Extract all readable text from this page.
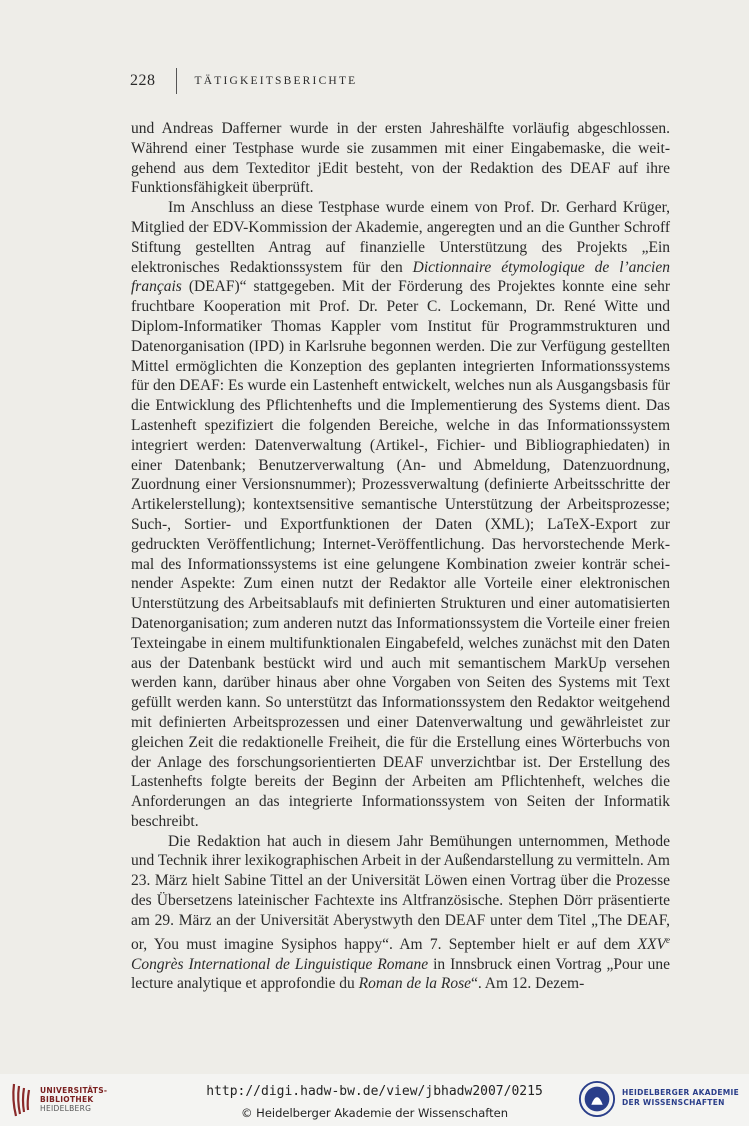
228	TÄTIGKEITSBERICHTE

und Andreas Dafferner wurde in der ersten Jahreshälfte vorläufig abgeschlossen. Während einer Testphase wurde sie zusammen mit einer Eingabemaske, die weitgehend aus dem Texteditor jEdit besteht, von der Redaktion des DEAF auf ihre Funktionsfähigkeit überprüft.

Im Anschluss an diese Testphase wurde einem von Prof. Dr. Gerhard Krüger, Mitglied der EDV-Kommission der Akademie, angeregten und an die Gunther Schroff Stiftung gestellten Antrag auf finanzielle Unterstützung des Projekts „Ein elektronisches Redaktionssystem für den Dictionnaire étymologique de l’ancien français (DEAF)“ stattgegeben. Mit der Förderung des Projektes konnte eine sehr fruchtbare Kooperation mit Prof. Dr. Peter C. Lockemann, Dr. René Witte und Diplom-Informatiker Thomas Kappler vom Institut für Programmstrukturen und Datenorganisation (IPD) in Karlsruhe begonnen werden. Die zur Verfügung gestellten Mittel ermöglichten die Konzeption des geplanten integrierten Informationssystems für den DEAF: Es wurde ein Lastenheft entwickelt, welches nun als Ausgangsbasis für die Entwicklung des Pflichtenhefts und die Implementierung des Systems dient. Das Lastenheft spezifiziert die folgenden Bereiche, welche in das Informationssystem integriert werden: Datenverwaltung (Artikel-, Fichier- und Bibliographiedaten) in einer Datenbank; Benutzerverwaltung (An- und Abmeldung, Datenzuordnung, Zuordnung einer Versionsnummer); Prozessverwaltung (definierte Arbeitsschritte der Artikelerstellung); kontextsensitive semantische Unterstützung der Arbeitsprozesse; Such-, Sortier- und Exportfunktionen der Daten (XML); LaTeX-Export zur gedruckten Veröffentlichung; Internet-Veröffentlichung. Das hervorstechende Merkmal des Informationssystems ist eine gelungene Kombination zweier konträr scheinender Aspekte: Zum einen nutzt der Redaktor alle Vorteile einer elektronischen Unterstützung des Arbeitsablaufs mit definierten Strukturen und einer automatisierten Datenorganisation; zum anderen nutzt das Informationssystem die Vorteile einer freien Texteingabe in einem multifunktionalen Eingabefeld, welches zunächst mit den Daten aus der Datenbank bestückt wird und auch mit semantischem MarkUp versehen werden kann, darüber hinaus aber ohne Vorgaben von Seiten des Systems mit Text gefüllt werden kann. So unterstützt das Informationssystem den Redaktor weitgehend mit definierten Arbeitsprozessen und einer Datenverwaltung und gewährleistet zur gleichen Zeit die redaktionelle Freiheit, die für die Erstellung eines Wörterbuchs von der Anlage des forschungsorientierten DEAF unverzichtbar ist. Der Erstellung des Lastenhefts folgte bereits der Beginn der Arbeiten am Pflichtenheft, welches die Anforderungen an das integrierte Informationssystem von Seiten der Informatik beschreibt.

Die Redaktion hat auch in diesem Jahr Bemühungen unternommen, Methode und Technik ihrer lexikographischen Arbeit in der Außendarstellung zu vermitteln. Am 23. März hielt Sabine Tittel an der Universität Löwen einen Vortrag über die Prozesse des Übersetzens lateinischer Fachtexte ins Altfranzösische. Stephen Dörr präsentierte am 29. März an der Universität Aberystwyth den DEAF unter dem Titel „The DEAF, or, You must imagine Sysiphos happy“. Am 7. September hielt er auf dem XXVe Congrès International de Linguistique Romane in Innsbruck einen Vortrag „Pour une lecture analytique et approfondie du Roman de la Rose“. Am 12. Dezem-

UNIVERSITÄTS-
BIBLIOTHEK
HEIDELBERG
http://digi.hadw-bw.de/view/jbhadw2007/0215
© Heidelberger Akademie der Wissenschaften
HEIDELBERGER AKADEMIE
DER WISSENSCHAFTEN
